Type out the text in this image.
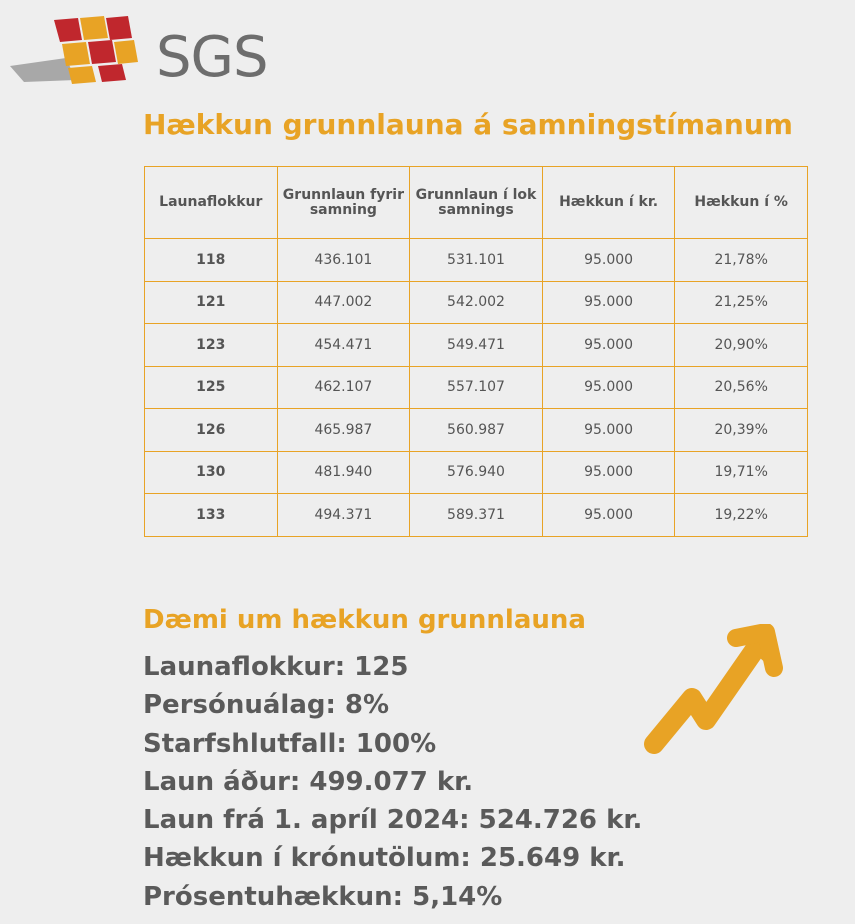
SGS
Hækkun grunnlauna á samningstímanum
Launaflokkur	Grunnlaun fyrir samning	Grunnlaun í lok samnings	Hækkun í kr.	Hækkun í %
118	436.101	531.101	95.000	21,78%
121	447.002	542.002	95.000	21,25%
123	454.471	549.471	95.000	20,90%
125	462.107	557.107	95.000	20,56%
126	465.987	560.987	95.000	20,39%
130	481.940	576.940	95.000	19,71%
133	494.371	589.371	95.000	19,22%
Dæmi um hækkun grunnlauna
Launaflokkur: 125
Persónuálag: 8%
Starfshlutfall: 100%
Laun áður: 499.077 kr.
Laun frá 1. apríl 2024: 524.726 kr.
Hækkun í krónutölum: 25.649 kr.
Prósentuhækkun: 5,14%
